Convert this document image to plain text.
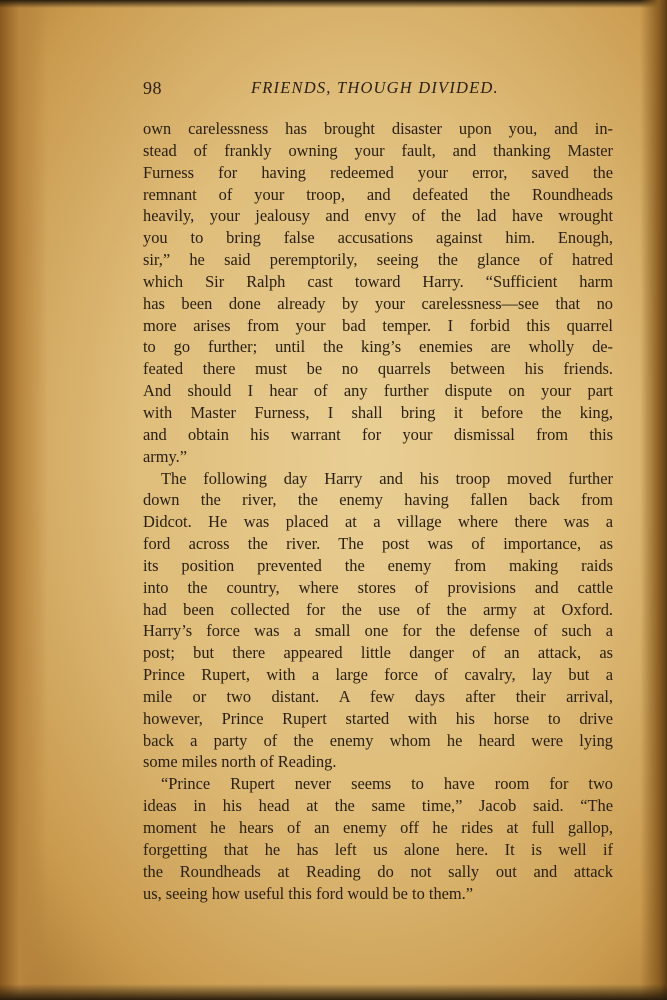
98	FRIENDS, THOUGH DIVIDED.
own carelessness has brought disaster upon you, and in-
stead of frankly owning your fault, and thanking Master
Furness for having redeemed your error, saved the
remnant of your troop, and defeated the Roundheads
heavily, your jealousy and envy of the lad have wrought
you to bring false accusations against him. Enough,
sir,” he said peremptorily, seeing the glance of hatred
which Sir Ralph cast toward Harry. “Sufficient harm
has been done already by your carelessness—see that no
more arises from your bad temper. I forbid this quarrel
to go further; until the king’s enemies are wholly de-
feated there must be no quarrels between his friends.
And should I hear of any further dispute on your part
with Master Furness, I shall bring it before the king,
and obtain his warrant for your dismissal from this
army.”
The following day Harry and his troop moved further
down the river, the enemy having fallen back from
Didcot. He was placed at a village where there was a
ford across the river. The post was of importance, as
its position prevented the enemy from making raids
into the country, where stores of provisions and cattle
had been collected for the use of the army at Oxford.
Harry’s force was a small one for the defense of such a
post; but there appeared little danger of an attack, as
Prince Rupert, with a large force of cavalry, lay but a
mile or two distant. A few days after their arrival,
however, Prince Rupert started with his horse to drive
back a party of the enemy whom he heard were lying
some miles north of Reading.
“Prince Rupert never seems to have room for two
ideas in his head at the same time,” Jacob said. “The
moment he hears of an enemy off he rides at full gallop,
forgetting that he has left us alone here. It is well if
the Roundheads at Reading do not sally out and attack
us, seeing how useful this ford would be to them.”
